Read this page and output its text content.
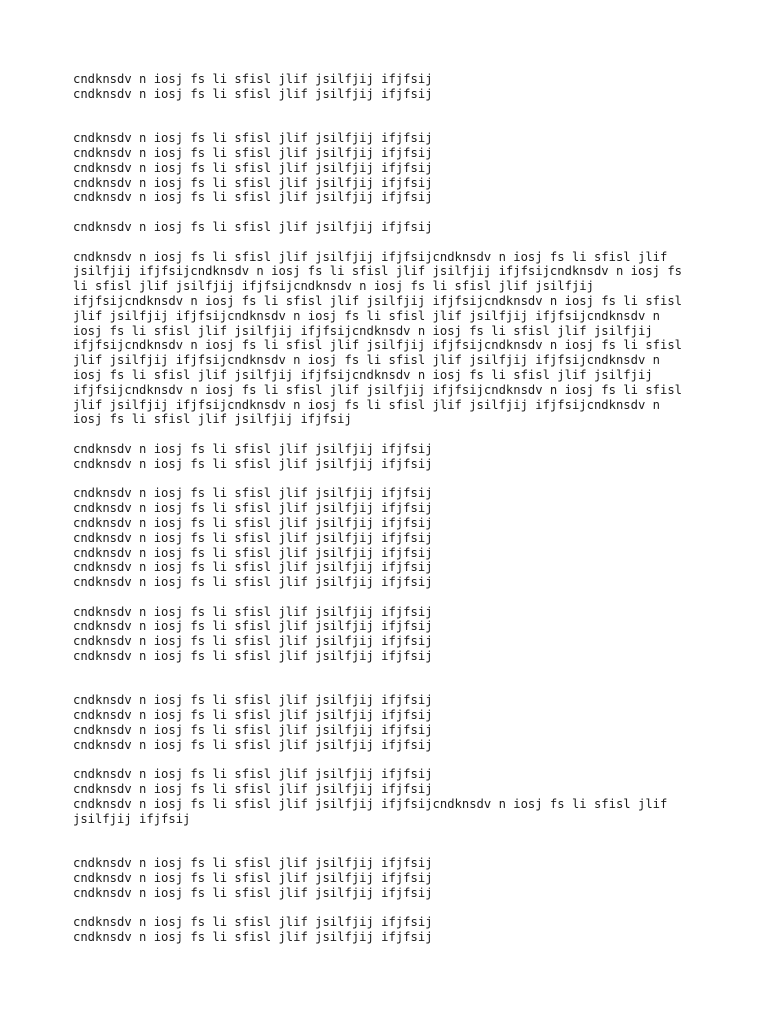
cndknsdv n iosj fs li sfisl jlif jsilfjij ifjfsij
cndknsdv n iosj fs li sfisl jlif jsilfjij ifjfsij
cndknsdv n iosj fs li sfisl jlif jsilfjij ifjfsij
cndknsdv n iosj fs li sfisl jlif jsilfjij ifjfsij
cndknsdv n iosj fs li sfisl jlif jsilfjij ifjfsij
cndknsdv n iosj fs li sfisl jlif jsilfjij ifjfsij
cndknsdv n iosj fs li sfisl jlif jsilfjij ifjfsij
cndknsdv n iosj fs li sfisl jlif jsilfjij ifjfsij
cndknsdv n iosj fs li sfisl jlif jsilfjij ifjfsijcndknsdv n iosj fs li sfisl jlif
jsilfjij ifjfsijcndknsdv n iosj fs li sfisl jlif jsilfjij ifjfsijcndknsdv n iosj fs
li sfisl jlif jsilfjij ifjfsijcndknsdv n iosj fs li sfisl jlif jsilfjij
ifjfsijcndknsdv n iosj fs li sfisl jlif jsilfjij ifjfsijcndknsdv n iosj fs li sfisl
jlif jsilfjij ifjfsijcndknsdv n iosj fs li sfisl jlif jsilfjij ifjfsijcndknsdv n
iosj fs li sfisl jlif jsilfjij ifjfsijcndknsdv n iosj fs li sfisl jlif jsilfjij
ifjfsijcndknsdv n iosj fs li sfisl jlif jsilfjij ifjfsijcndknsdv n iosj fs li sfisl
jlif jsilfjij ifjfsijcndknsdv n iosj fs li sfisl jlif jsilfjij ifjfsijcndknsdv n
iosj fs li sfisl jlif jsilfjij ifjfsijcndknsdv n iosj fs li sfisl jlif jsilfjij
ifjfsijcndknsdv n iosj fs li sfisl jlif jsilfjij ifjfsijcndknsdv n iosj fs li sfisl
jlif jsilfjij ifjfsijcndknsdv n iosj fs li sfisl jlif jsilfjij ifjfsijcndknsdv n
iosj fs li sfisl jlif jsilfjij ifjfsij
cndknsdv n iosj fs li sfisl jlif jsilfjij ifjfsij
cndknsdv n iosj fs li sfisl jlif jsilfjij ifjfsij
cndknsdv n iosj fs li sfisl jlif jsilfjij ifjfsij
cndknsdv n iosj fs li sfisl jlif jsilfjij ifjfsij
cndknsdv n iosj fs li sfisl jlif jsilfjij ifjfsij
cndknsdv n iosj fs li sfisl jlif jsilfjij ifjfsij
cndknsdv n iosj fs li sfisl jlif jsilfjij ifjfsij
cndknsdv n iosj fs li sfisl jlif jsilfjij ifjfsij
cndknsdv n iosj fs li sfisl jlif jsilfjij ifjfsij
cndknsdv n iosj fs li sfisl jlif jsilfjij ifjfsij
cndknsdv n iosj fs li sfisl jlif jsilfjij ifjfsij
cndknsdv n iosj fs li sfisl jlif jsilfjij ifjfsij
cndknsdv n iosj fs li sfisl jlif jsilfjij ifjfsij
cndknsdv n iosj fs li sfisl jlif jsilfjij ifjfsij
cndknsdv n iosj fs li sfisl jlif jsilfjij ifjfsij
cndknsdv n iosj fs li sfisl jlif jsilfjij ifjfsij
cndknsdv n iosj fs li sfisl jlif jsilfjij ifjfsij
cndknsdv n iosj fs li sfisl jlif jsilfjij ifjfsij
cndknsdv n iosj fs li sfisl jlif jsilfjij ifjfsij
cndknsdv n iosj fs li sfisl jlif jsilfjij ifjfsijcndknsdv n iosj fs li sfisl jlif
jsilfjij ifjfsij
cndknsdv n iosj fs li sfisl jlif jsilfjij ifjfsij
cndknsdv n iosj fs li sfisl jlif jsilfjij ifjfsij
cndknsdv n iosj fs li sfisl jlif jsilfjij ifjfsij
cndknsdv n iosj fs li sfisl jlif jsilfjij ifjfsij
cndknsdv n iosj fs li sfisl jlif jsilfjij ifjfsij
